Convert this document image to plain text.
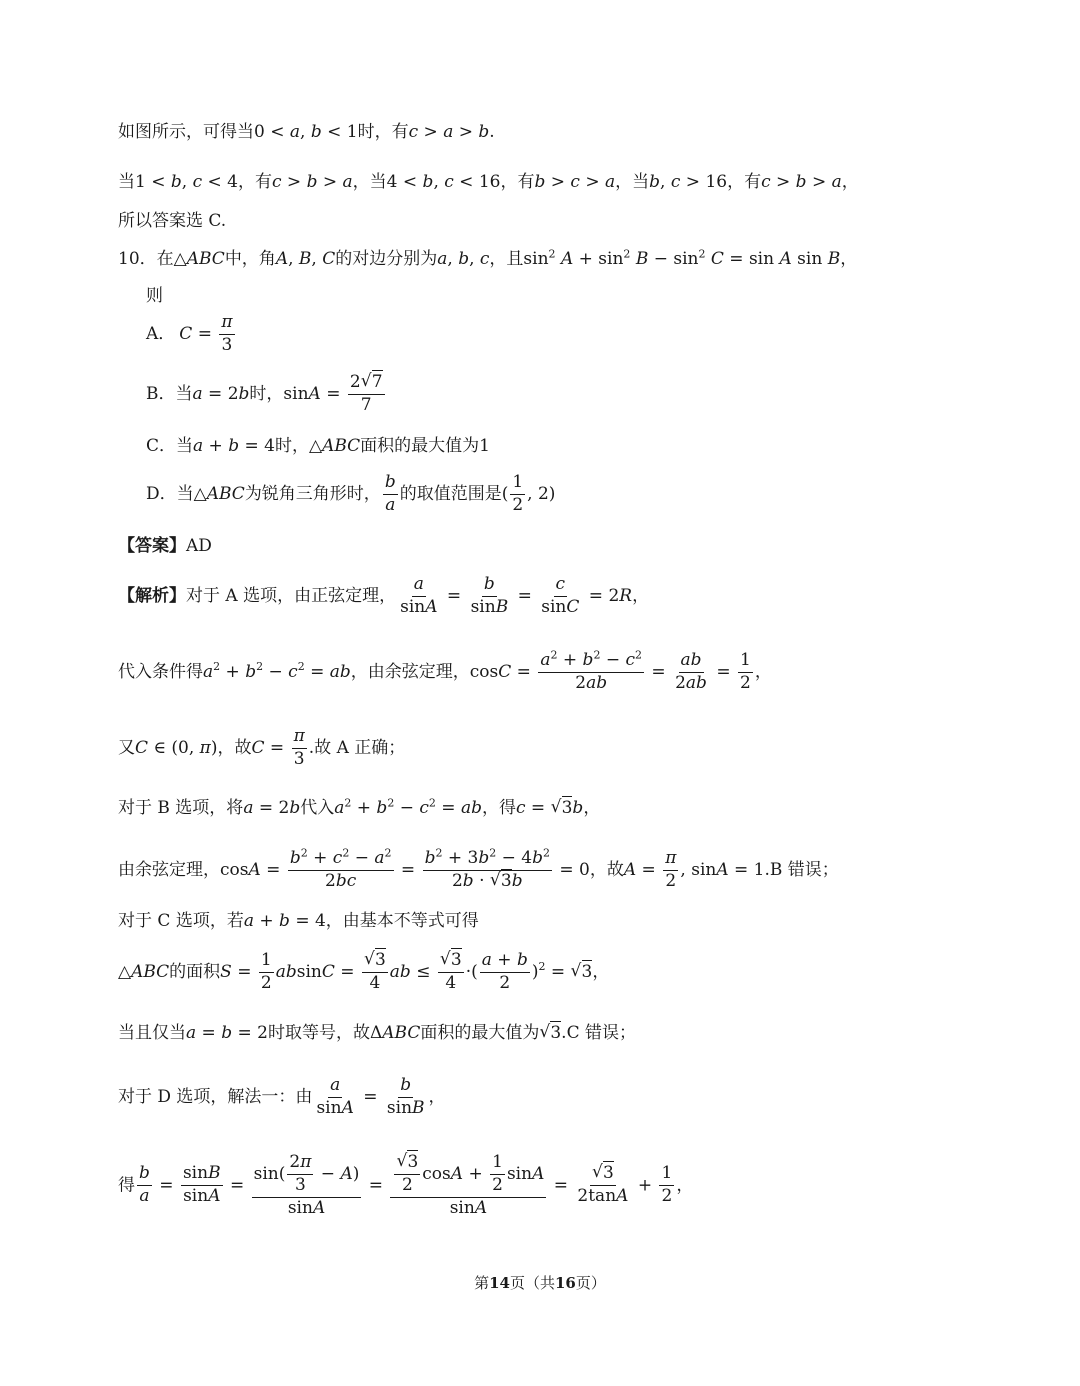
如图所示，可得当0 < a, b < 1时，有c > a > b.
当1 < b, c < 4，有c > b > a，当4 < b, c < 16，有b > c > a，当b, c > 16，有c > b > a，
所以答案选 C.
10．在△ABC中，角A, B, C的对边分别为a, b, c，且$\sin^2 A + \sin^2 B - \sin^2 C = \sin A$ sin B，
则
A． $C = \frac{\pi}{3}$
B．当a = 2b时，$\sin A = \frac{2 √ 7}{7}$
C．当a + b = 4时，△ABC面积的最大值为1
D．当△ABC为锐角三角形时， $\frac{b}{a}$ 的取值范围是( $\frac{1}{2}$ , 2)
【答案】AD
【解析】对于 A 选项，由正弦定理， $\frac{a}{\sin A} = \frac{b}{\sin B} = \frac{c}{\sin C} = 2R$，
代入条件得$a^2 + b^2 - c^2$ = ab，由余弦定理，$\cos C = \frac{a^2 + b^2 - c^2}{2ab} = \frac{ab}{2ab} = \frac{1}{2}$ ，
又C ∈ (0, π)，故$C = \frac{\pi}{3}$ .故 A 正确；
对于 B 选项，将a = 2b代入$a^2 + b^2 - c^2$ = ab，得c = √ 3b，
由余弦定理，$\cos A = \frac{b^2 + c^2 - a^2}{2bc} = \frac{b^2 + 3b^2 - 4b^2}{2b \cdot √ 3b} = 0$，故$A = \frac{\pi}{2}$ , sinA = 1.B 错误；
对于 C 选项，若a + b = 4，由基本不等式可得
△ABC的面积$S = \frac{1}{2}$ absinC = √ $\frac{3}{4}$ ab ≤ √ $\frac{3}{4}$ ·( $\frac{a + b}{2} )^2$ = √ 3，
当且仅当a = b = 2时取等号，故ΔABC面积的最大值为 √ 3.C 错误；
对于 D 选项，解法一：由 $\frac{a}{\sin A} = \frac{b}{\sin B}$ ，
得 $\frac{b}{a} = \frac{\sin B}{\sin A} = \frac{\sin( \frac{2\pi}{3} - A)}{\sin A}$ = √ $\frac{\frac{3}{2} \cos A + \frac{1}{2} \sin A}{\sin A}$ = √ $\frac{3}{2\tan A} + \frac{1}{2}$ ，
第14页（共16页）
